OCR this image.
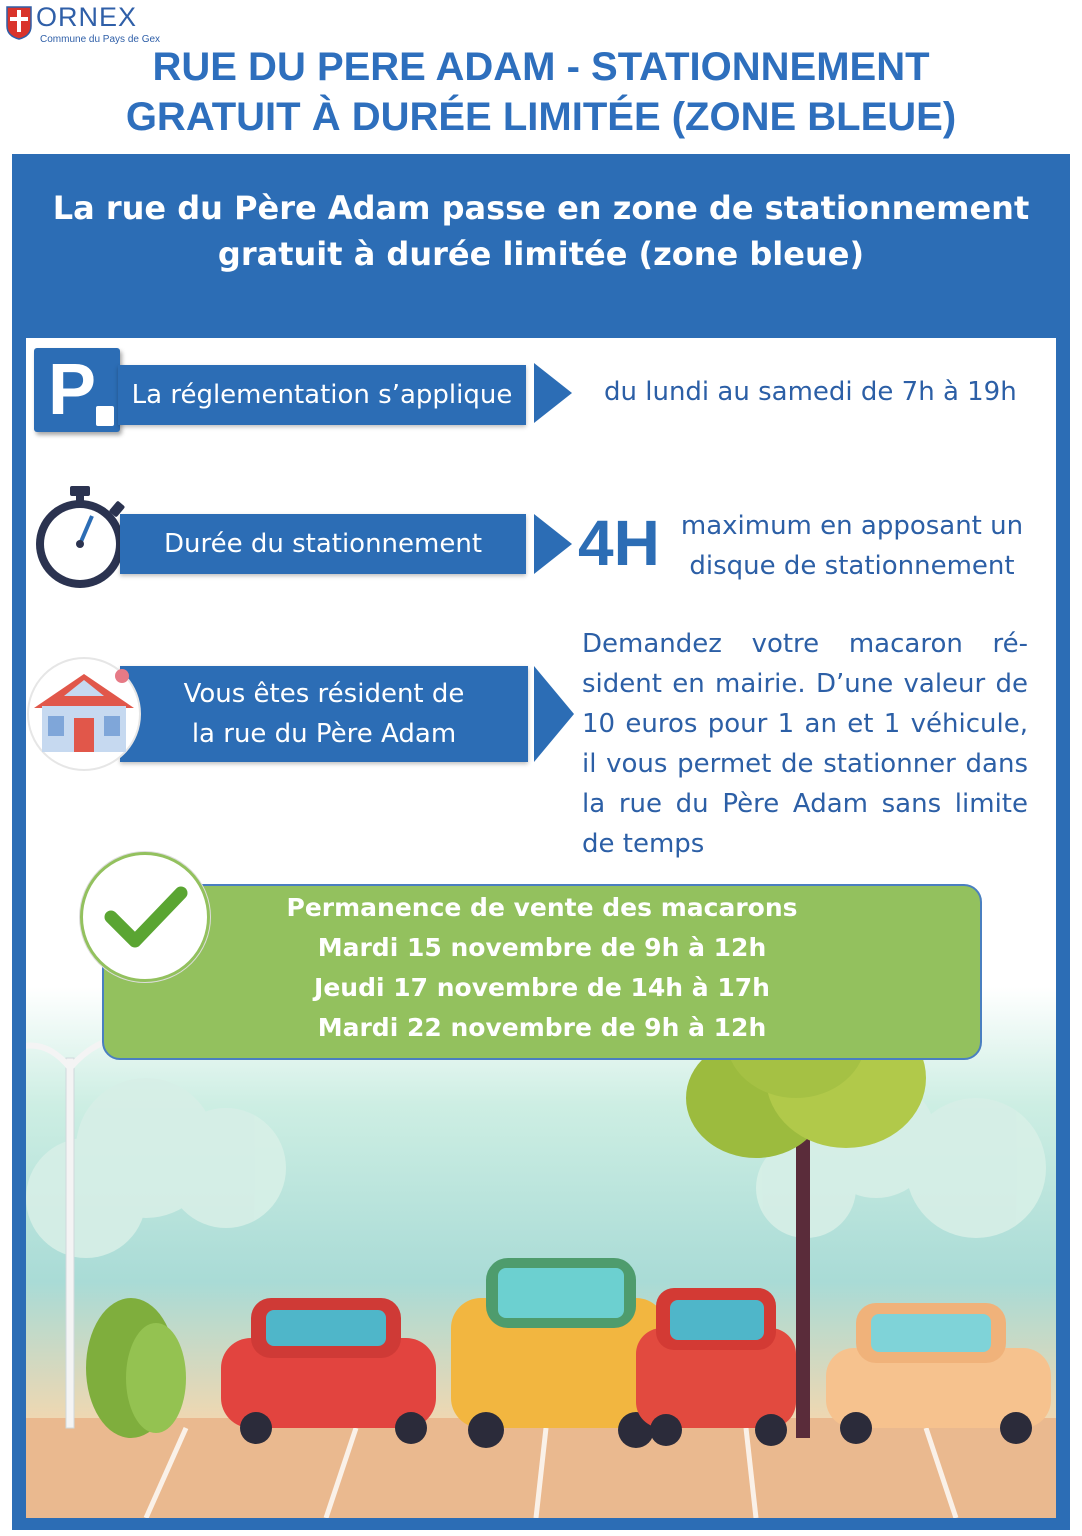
ORNEX
Commune du Pays de Gex
RUE DU PERE ADAM - STATIONNEMENT
GRATUIT À DURÉE LIMITÉE (ZONE BLEUE)
La rue du Père Adam passe en zone de stationnement
gratuit à durée limitée (zone bleue)
P	La réglementation s’applique	du lundi au samedi de 7h à 19h
Durée du stationnement	4H maximum en apposant un
disque de stationnement
Vous êtes résident de
la rue du Père Adam
Demandez votre macaron ré-
sident en mairie. D’une valeur de
10 euros pour 1 an et 1 véhicule,
il vous permet de stationner dans
la rue du Père Adam sans limite
de temps
Permanence de vente des macarons
Mardi 15 novembre de 9h à 12h
Jeudi 17 novembre de 14h à 17h
Mardi 22 novembre de 9h à 12h
